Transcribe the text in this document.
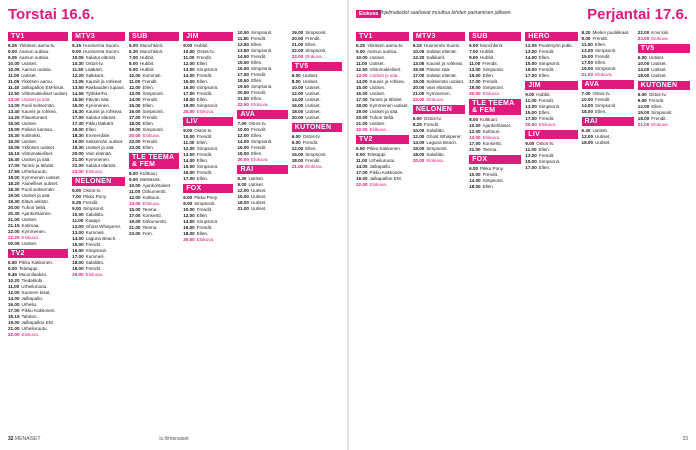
Torstai 16.6.
TV1
6.25 Ykkösen aamu-tv.
9.00 Aamun uutisia.
9.05 Aamun uutisia.
10.00 Uutiset.
10.05 Aamun uutisia.
11.00 Uutiset.
11.05 Ykkösen aamu.
11.40 Jalkapallon EM-kisat.
12.50 Viittomakieliset uutiset.
13.00 Uutiset ja sää.
13.05 Puoli seitsemän.
13.40 Kaunis ja rohkea.
14.25 Pilaantuneet.
15.00 Uutiset.
15.05 Poliisin kanssa.
15.30 Kotikokki.
16.00 Uutiset.
16.05 Ykkösen uutiset.
16.15 Viittomakieliset.
16.40 Uutiset ja sää.
17.00 Tanssi ja tähdet.
17.55 Urheiluruutu.
18.00 Kymmenen uutiset.
18.20 Alueelliset uutiset.
18.30 Puoli seitsemän.
19.00 Uutiset ja sää.
19.30 Elävä arkisto.
20.00 Tuhon tiellä.
20.30 Ajankohtainen.
21.00 Uutiset.
21.15 Kotimaa.
22.00 Kymmenen.
22.20 Elokuva.
00.05 Uutiset.
TV2
6.50 Pikku Kakkonen.
9.00 Teletappi.
9.45 Muumilaakso.
10.20 Tiedeklubi.
11.00 Urheiluruutu.
12.00 Suomen kisat.
14.00 Jalkapallo.
16.00 Urheilu.
17.00 Pikku Kakkonen.
18.15 Tahdon.
19.00 Jalkapallon EM.
21.00 Urheiluruutu.
22.00 Elokuva.
MTV3
6.15 Huomenta Suomi.
9.00 Huomenta Suomi.
10.05 Salatut elämät.
10.30 Ostos-tv.
11.50 Lääkärit.
12.20 Salkkarit.
13.05 Kauniit ja rohkeat.
13.50 Rakkauden lupaus.
14.55 Tyttökerho.
15.50 Päivän sää.
16.00 Kymmenen.
16.30 Kauniit ja rohkeat.
17.00 Salatut elämät.
17.30 Pikku lääkärit.
18.00 Ellen.
18.30 Emmerdale.
19.00 Seitsemän uutiset.
19.30 Uutiset ja sää.
20.00 Vain elämää.
21.00 Kymmenen.
22.00 Salatut elämät.
23.00 Elokuva.
NELONEN
6.00 Ostos-tv.
7.00 Pikku Pony.
8.25 Frendit.
9.00 Simpsonit.
10.00 Salaliitto.
11.00 Kaappi.
12.00 Ghost Whisperer.
13.00 Kummeli.
14.00 Laguna Beach.
15.00 Frendit.
16.00 Simpsonit.
17.00 Kummeli.
18.00 Salaliitto.
19.00 Frendit.
20.00 Elokuva.
SUB
6.00 Munchkinit.
6.30 Munchkinit.
7.00 Hubbit.
8.00 Hubbit.
9.00 Hubbit.
10.00 Kummeli.
11.00 Frendit.
12.00 Ellen.
13.00 Simpsonit.
14.00 Frendit.
15.00 Ellen.
16.00 Simpsonit.
17.00 Frendit.
18.00 Ellen.
19.00 Simpsonit.
20.00 Elokuva.
22.00 Frendit.
23.00 Ellen.
TLE TEEMA & FEM
8.00 Kulttuuri.
9.00 Metsässä.
10.00 Ajankohtaiset.
11.00 Dokumentti.
12.00 Kulttuuri.
13.00 Elokuva.
15.00 Teema.
17.00 Konsertti.
19.00 Dokumentti.
21.00 Teema.
23.00 Fem.
JIM
9.00 Hubbit.
10.00 Ostos-tv.
11.00 Frendit.
12.00 Ellen.
13.00 Simpsonit.
14.00 Frendit.
15.00 Ellen.
16.00 Simpsonit.
17.00 Frendit.
18.00 Ellen.
19.00 Simpsonit.
20.00 Elokuva.
LIV
9.00 Ostos-tv.
10.00 Frendit.
11.00 Ellen.
12.00 Simpsonit.
13.00 Frendit.
14.00 Ellen.
15.00 Simpsonit.
16.00 Frendit.
17.00 Ellen.
FOX
6.00 Pikku Pony.
8.00 Simpsonit.
10.00 Frendit.
12.00 Ellen.
14.00 Simpsonit.
16.00 Frendit.
18.00 Ellen.
20.00 Elokuva.
10.50 Simpsonit.
11.50 Frendit.
12.50 Ellen.
13.50 Simpsonit.
14.50 Frendit.
15.50 Ellen.
16.50 Simpsonit.
17.50 Frendit.
18.50 Ellen.
19.50 Simpsonit.
20.50 Frendit.
21.50 Ellen.
22.50 Elokuva.
AVA
7.00 Ostos-tv.
10.00 Frendit.
12.00 Ellen.
14.00 Simpsonit.
16.00 Frendit.
18.00 Ellen.
20.00 Elokuva.
RAI
6.30 Uutiset.
9.00 Uutiset.
12.00 Uutiset.
15.00 Uutiset.
18.00 Uutiset.
21.00 Uutiset.
19.00 Simpsonit.
20.00 Frendit.
21.00 Ellen.
22.00 Simpsonit.
23.00 Elokuva.
TV5
6.00 Uutiset.
8.00 Uutiset.
10.00 Uutiset.
12.00 Uutiset.
14.00 Uutiset.
16.00 Uutiset.
18.00 Uutiset.
20.00 Uutiset.
KUTONEN
6.00 Ostos-tv.
9.00 Frendit.
12.00 Ellen.
15.00 Simpsonit.
18.00 Frendit.
21.00 Elokuva.
32 MENAISET	is.fi/menaiset
Elokuva Ohjelmatiedot saattavat muuttua lehden painamisen jälkeen.	Perjantai 17.6.
TV1
6.25 Ykkösen aamu-tv.
9.00 Aamun uutisia.
10.00 Uutiset.
11.00 Uutiset.
12.50 Viittomakieliset.
13.00 Uutiset ja sää.
14.00 Kaunis ja rohkea.
15.00 Uutiset.
16.00 Uutiset.
17.00 Tanssi ja tähdet.
18.00 Kymmenen uutiset.
19.00 Uutiset ja sää.
20.00 Tuhon tiellä.
21.00 Uutiset.
22.00 Elokuva.
TV2
6.50 Pikku Kakkonen.
9.00 Teletappi.
11.00 Urheiluruutu.
14.00 Jalkapallo.
17.00 Pikku Kakkonen.
19.00 Jalkapallon EM.
22.00 Elokuva.
MTV3
6.15 Huomenta Suomi.
10.05 Salatut elämät.
12.20 Salkkarit.
13.05 Kauniit ja rohkeat.
15.50 Päivän sää.
17.00 Salatut elämät.
19.00 Seitsemän uutiset.
20.00 Vain elämää.
21.00 Kymmenen.
23.00 Elokuva.
NELONEN
6.00 Ostos-tv.
8.25 Frendit.
10.00 Salaliitto.
12.00 Ghost Whisperer.
14.00 Laguna Beach.
16.00 Simpsonit.
18.00 Salaliitto.
20.00 Elokuva.
SUB
6.00 Munchkinit.
7.00 Hubbit.
9.00 Hubbit.
11.00 Frendit.
13.00 Simpsonit.
15.00 Ellen.
17.00 Frendit.
19.00 Simpsonit.
20.00 Elokuva.
TLE TEEMA & FEM
8.00 Kulttuuri.
10.00 Ajankohtaiset.
12.00 Kulttuuri.
13.00 Elokuva.
17.00 Konsertti.
21.00 Teema.
FOX
6.00 Pikku Pony.
10.00 Frendit.
14.00 Simpsonit.
18.00 Ellen.
HERO
12.05 Puolenyön putki.
13.00 Frendit.
14.00 Ellen.
15.00 Simpsonit.
16.00 Frendit.
17.00 Ellen.
JIM
9.00 Hubbit.
11.00 Frendit.
13.00 Simpsonit.
15.00 Ellen.
17.00 Frendit.
20.00 Elokuva.
LIV
9.00 Ostos-tv.
11.00 Ellen.
13.00 Frendit.
15.00 Simpsonit.
17.00 Ellen.
8.20 Mielen puolikkaat.
9.00 Frendit.
11.00 Ellen.
13.00 Simpsonit.
15.00 Frendit.
17.00 Ellen.
19.00 Simpsonit.
21.00 Elokuva.
AVA
7.00 Ostos-tv.
10.00 Frendit.
14.00 Simpsonit.
18.00 Ellen.
RAI
6.30 Uutiset.
12.00 Uutiset.
18.00 Uutiset.
22.00 Kovi kisi.
23.00 Elokuva.
TV5
6.00 Uutiset.
10.00 Uutiset.
14.00 Uutiset.
18.00 Uutiset.
KUTONEN
6.00 Ostos-tv.
9.00 Frendit.
12.00 Ellen.
15.00 Simpsonit.
18.00 Frendit.
21.00 Elokuva.
33
